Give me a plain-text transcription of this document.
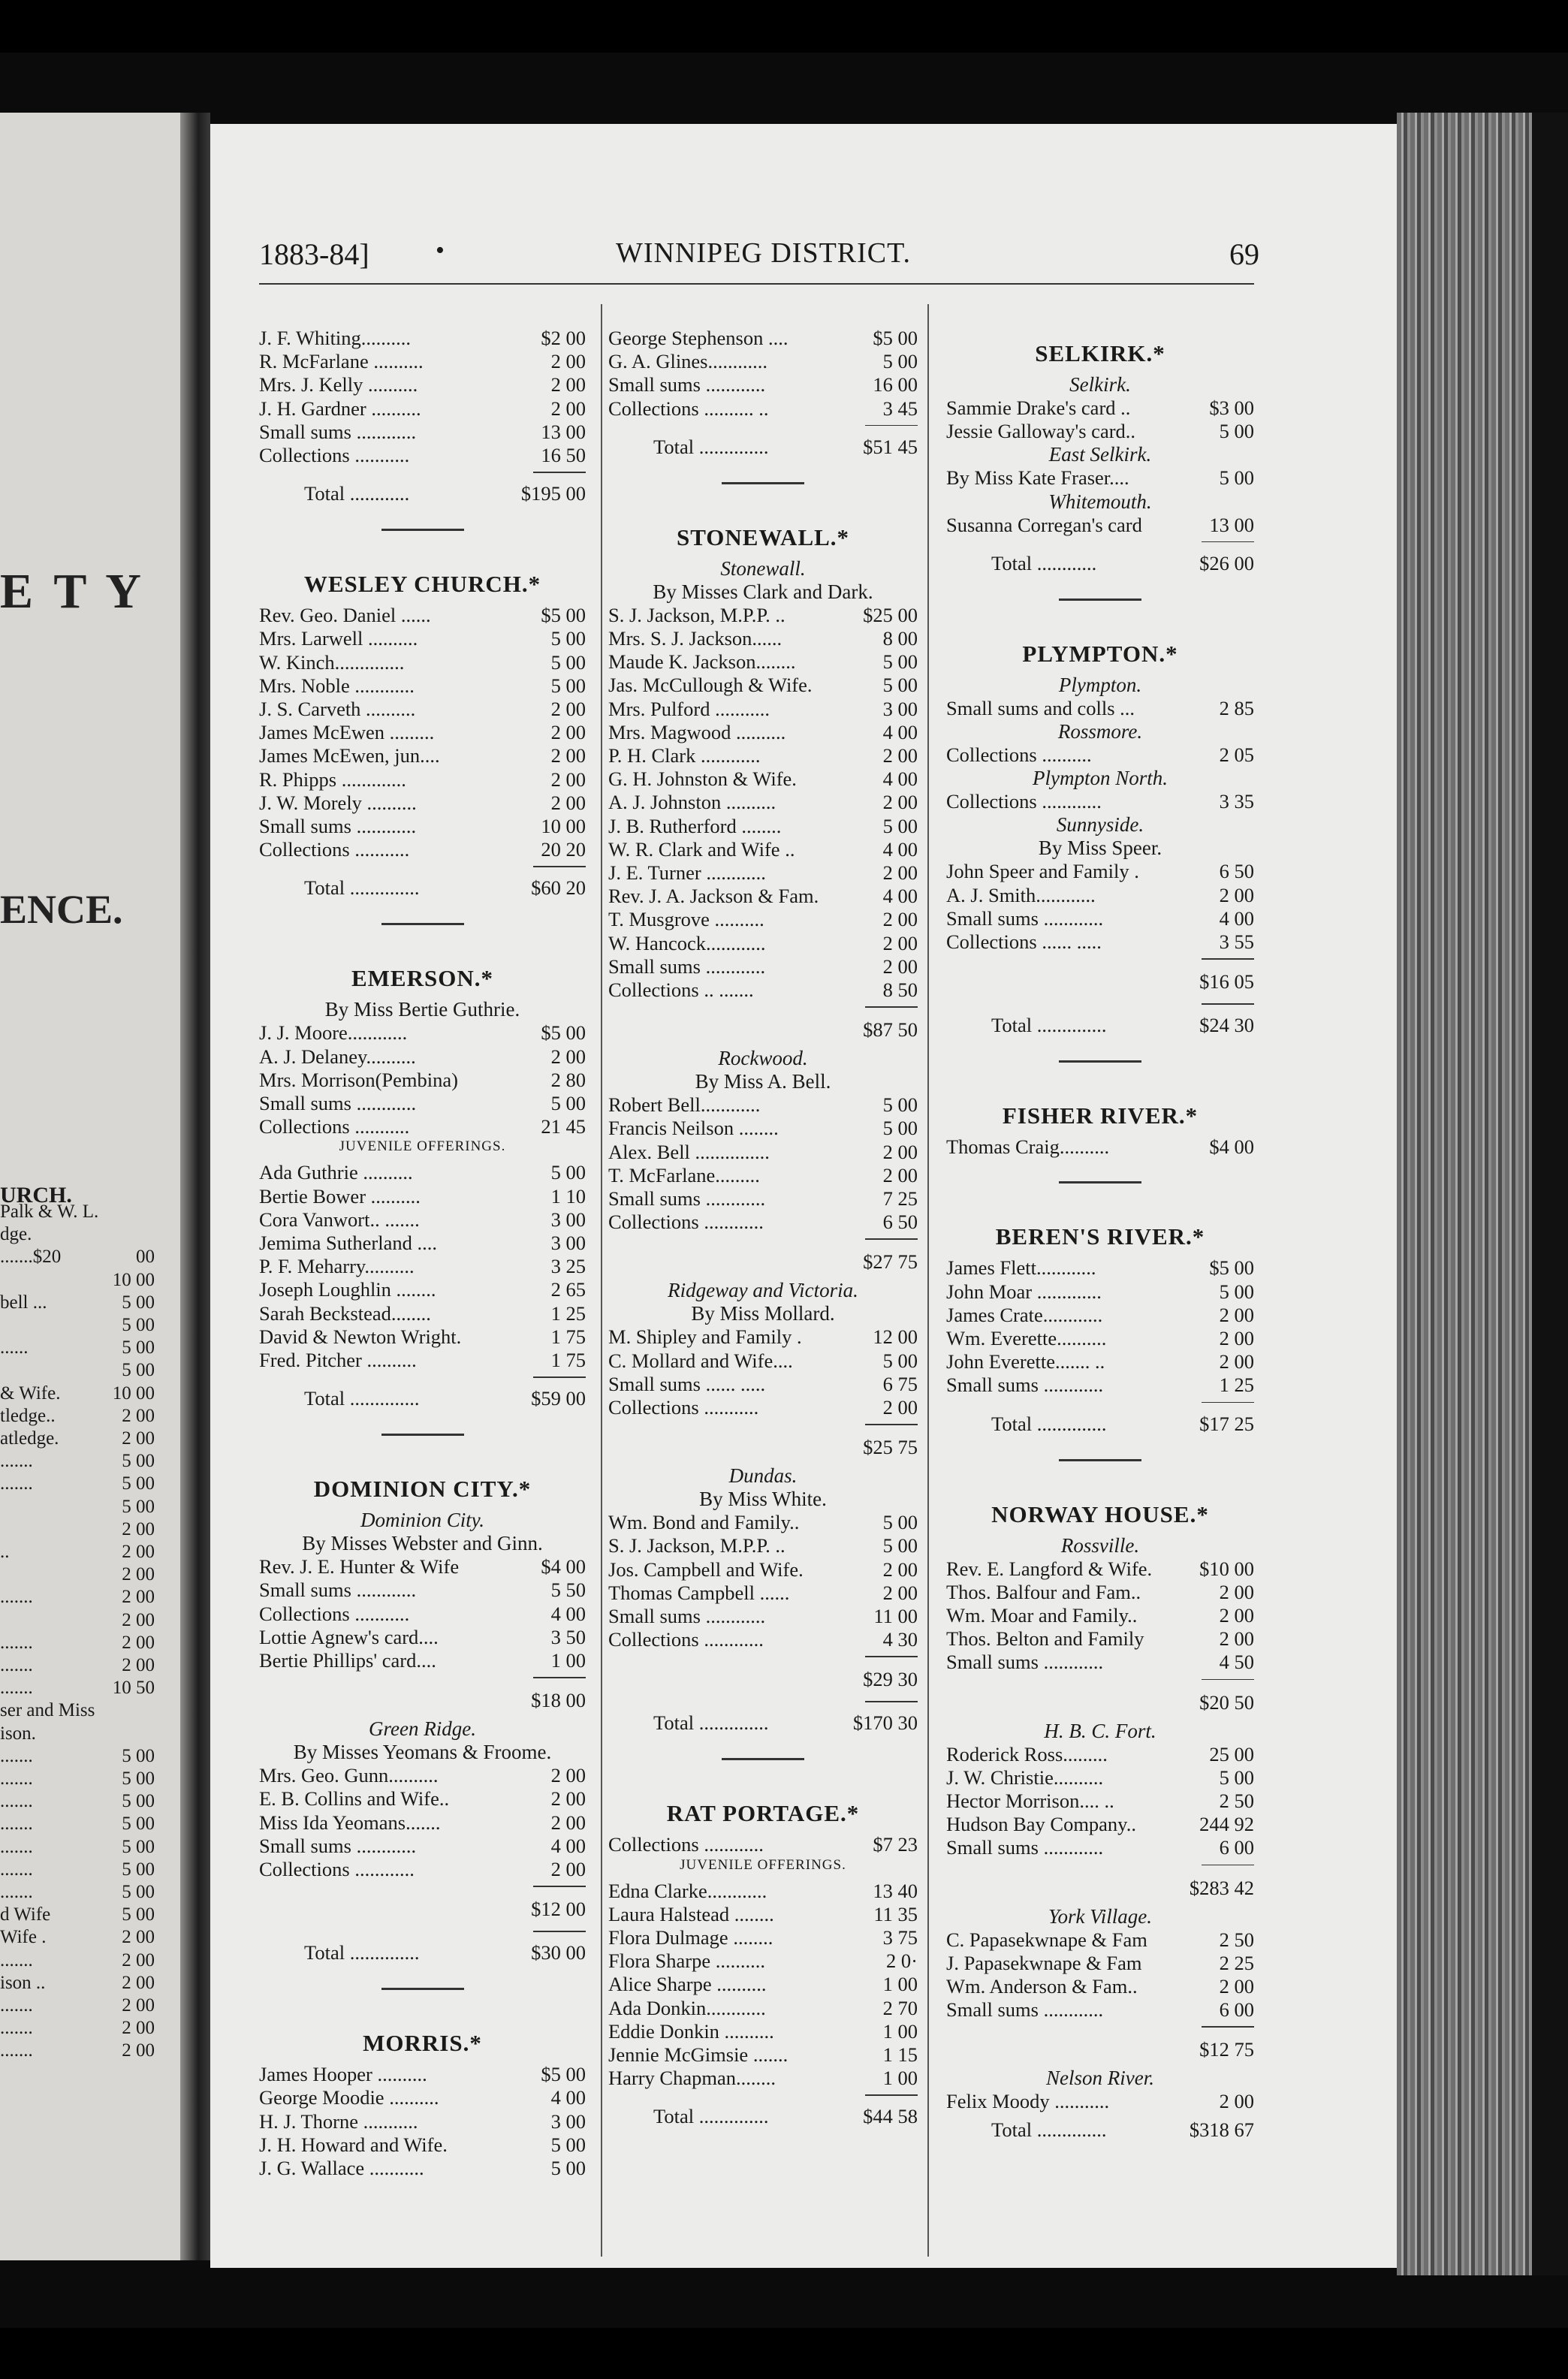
E T Y
ENCE.
URCH.
Palk & W. L.
dge.
.......$20	00
10 00
bell ...	5 00
5 00
......	5 00
5 00
& Wife.	10 00
tledge..	2 00
atledge.	2 00
.......	5 00
.......	5 00
5 00
2 00
..	2 00
2 00
.......	2 00
2 00
.......	2 00
.......	2 00
.......	10 50
ser and Miss
ison.
.......	5 00
.......	5 00
.......	5 00
.......	5 00
.......	5 00
.......	5 00
.......	5 00
d Wife	5 00
Wife .	2 00
.......	2 00
ison ..	2 00
.......	2 00
.......	2 00
.......	2 00
1883-84]	•	WINNIPEG DISTRICT.	69
J. F. Whiting..........	$2 00
R. McFarlane ..........	2 00
Mrs. J. Kelly ..........	2 00
J. H. Gardner ..........	2 00
Small sums ............	13 00
Collections ...........	16 50
Total ............	$195 00
WESLEY CHURCH.*
Rev. Geo. Daniel ......	$5 00
Mrs. Larwell ..........	5 00
W. Kinch..............	5 00
Mrs. Noble ............	5 00
J. S. Carveth ..........	2 00
James McEwen .........	2 00
James McEwen, jun....	2 00
R. Phipps .............	2 00
J. W. Morely ..........	2 00
Small sums ............	10 00
Collections ...........	20 20
Total ..............	$60 20
EMERSON.*
By Miss Bertie Guthrie.
J. J. Moore............	$5 00
A. J. Delaney..........	2 00
Mrs. Morrison(Pembina)	2 80
Small sums ............	5 00
Collections ...........	21 45
JUVENILE OFFERINGS.
Ada Guthrie ..........	5 00
Bertie Bower ..........	1 10
Cora Vanwort.. .......	3 00
Jemima Sutherland ....	3 00
P. F. Meharry..........	3 25
Joseph Loughlin ........	2 65
Sarah Beckstead........	1 25
David & Newton Wright.	1 75
Fred. Pitcher ..........	1 75
Total ..............	$59 00
DOMINION CITY.*
Dominion City.
By Misses Webster and Ginn.
Rev. J. E. Hunter & Wife	$4 00
Small sums ............	5 50
Collections ...........	4 00
Lottie Agnew's card....	3 50
Bertie Phillips' card....	1 00
$18 00
Green Ridge.
By Misses Yeomans & Froome.
Mrs. Geo. Gunn..........	2 00
E. B. Collins and Wife..	2 00
Miss Ida Yeomans.......	2 00
Small sums ............	4 00
Collections ............	2 00
$12 00
Total ..............	$30 00
MORRIS.*
James Hooper ..........	$5 00
George Moodie ..........	4 00
H. J. Thorne ...........	3 00
J. H. Howard and Wife.	5 00
J. G. Wallace ...........	5 00
George Stephenson ....	$5 00
G. A. Glines............	5 00
Small sums ............	16 00
Collections .......... ..	3 45
Total ..............	$51 45
STONEWALL.*
Stonewall.
By Misses Clark and Dark.
S. J. Jackson, M.P.P. ..	$25 00
Mrs. S. J. Jackson......	8 00
Maude K. Jackson........	5 00
Jas. McCullough & Wife.	5 00
Mrs. Pulford ...........	3 00
Mrs. Magwood ..........	4 00
P. H. Clark ............	2 00
G. H. Johnston & Wife.	4 00
A. J. Johnston ..........	2 00
J. B. Rutherford ........	5 00
W. R. Clark and Wife ..	4 00
J. E. Turner ............	2 00
Rev. J. A. Jackson & Fam.	4 00
T. Musgrove ..........	2 00
W. Hancock............	2 00
Small sums ............	2 00
Collections .. .......	8 50
$87 50
Rockwood.
By Miss A. Bell.
Robert Bell............	5 00
Francis Neilson ........	5 00
Alex. Bell ...............	2 00
T. McFarlane.........	2 00
Small sums ............	7 25
Collections ............	6 50
$27 75
Ridgeway and Victoria.
By Miss Mollard.
M. Shipley and Family .	12 00
C. Mollard and Wife....	5 00
Small sums ...... .....	6 75
Collections ...........	2 00
$25 75
Dundas.
By Miss White.
Wm. Bond and Family..	5 00
S. J. Jackson, M.P.P. ..	5 00
Jos. Campbell and Wife.	2 00
Thomas Campbell ......	2 00
Small sums ............	11 00
Collections ............	4 30
$29 30
Total ..............	$170 30
RAT PORTAGE.*
Collections ............	$7 23
JUVENILE OFFERINGS.
Edna Clarke............	13 40
Laura Halstead ........	11 35
Flora Dulmage ........	3 75
Flora Sharpe ..........	2 0·
Alice Sharpe ..........	1 00
Ada Donkin............	2 70
Eddie Donkin ..........	1 00
Jennie McGimsie .......	1 15
Harry Chapman........	1 00
Total ..............	$44 58
SELKIRK.*
Selkirk.
Sammie Drake's card ..	$3 00
Jessie Galloway's card..	5 00
East Selkirk.
By Miss Kate Fraser....	5 00
Whitemouth.
Susanna Corregan's card	13 00
Total ............	$26 00
PLYMPTON.*
Plympton.
Small sums and colls ...	2 85
Rossmore.
Collections ..........	2 05
Plympton North.
Collections ............	3 35
Sunnyside.
By Miss Speer.
John Speer and Family .	6 50
A. J. Smith............	2 00
Small sums ............	4 00
Collections ...... .....	3 55
$16 05
Total ..............	$24 30
FISHER RIVER.*
Thomas Craig..........	$4 00
BEREN'S RIVER.*
James Flett............	$5 00
John Moar .............	5 00
James Crate............	2 00
Wm. Everette..........	2 00
John Everette....... ..	2 00
Small sums ............	1 25
Total ..............	$17 25
NORWAY HOUSE.*
Rossville.
Rev. E. Langford & Wife. $10 00
Thos. Balfour and Fam..	2 00
Wm. Moar and Family..	2 00
Thos. Belton and Family	2 00
Small sums ............	4 50
$20 50
H. B. C. Fort.
Roderick Ross.........	25 00
J. W. Christie..........	5 00
Hector Morrison.... ..	2 50
Hudson Bay Company..	244 92
Small sums ............	6 00
$283 42
York Village.
C. Papasekwnape & Fam	2 50
J. Papasekwnape & Fam	2 25
Wm. Anderson & Fam..	2 00
Small sums ............	6 00
$12 75
Nelson River.
Felix Moody ...........	2 00
Total ..............	$318 67
